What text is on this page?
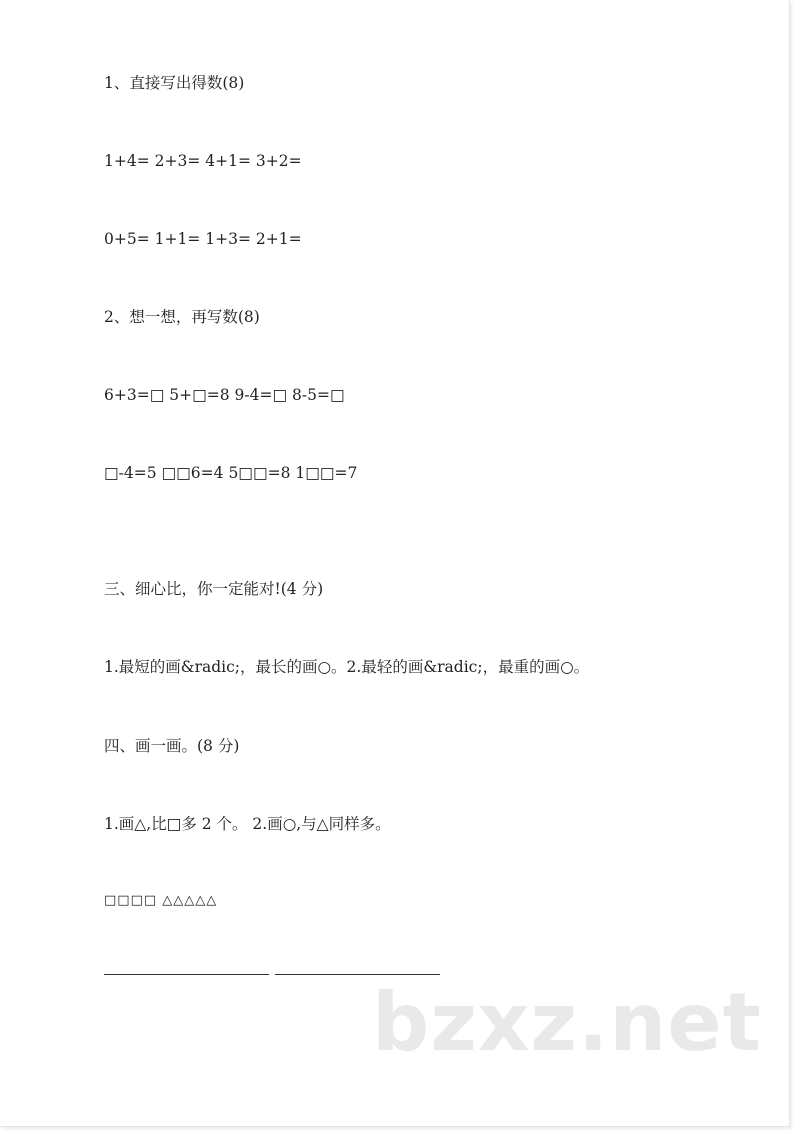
1、直接写出得数(8)
1+4= 2+3= 4+1= 3+2=
0+5= 1+1= 1+3= 2+1=
2、想一想，再写数(8)
6+3=□ 5+□=8 9-4=□ 8-5=□
□-4=5 □□6=4 5□□=8 1□□=7
三、细心比，你一定能对!(4 分)
1.最短的画&radic;，最长的画○。2.最轻的画&radic;，最重的画○。
四、画一画。(8 分)
1.画△,比□多 2 个。 2.画○,与△同样多。
□□□□ △△△△△
bzxz.net
